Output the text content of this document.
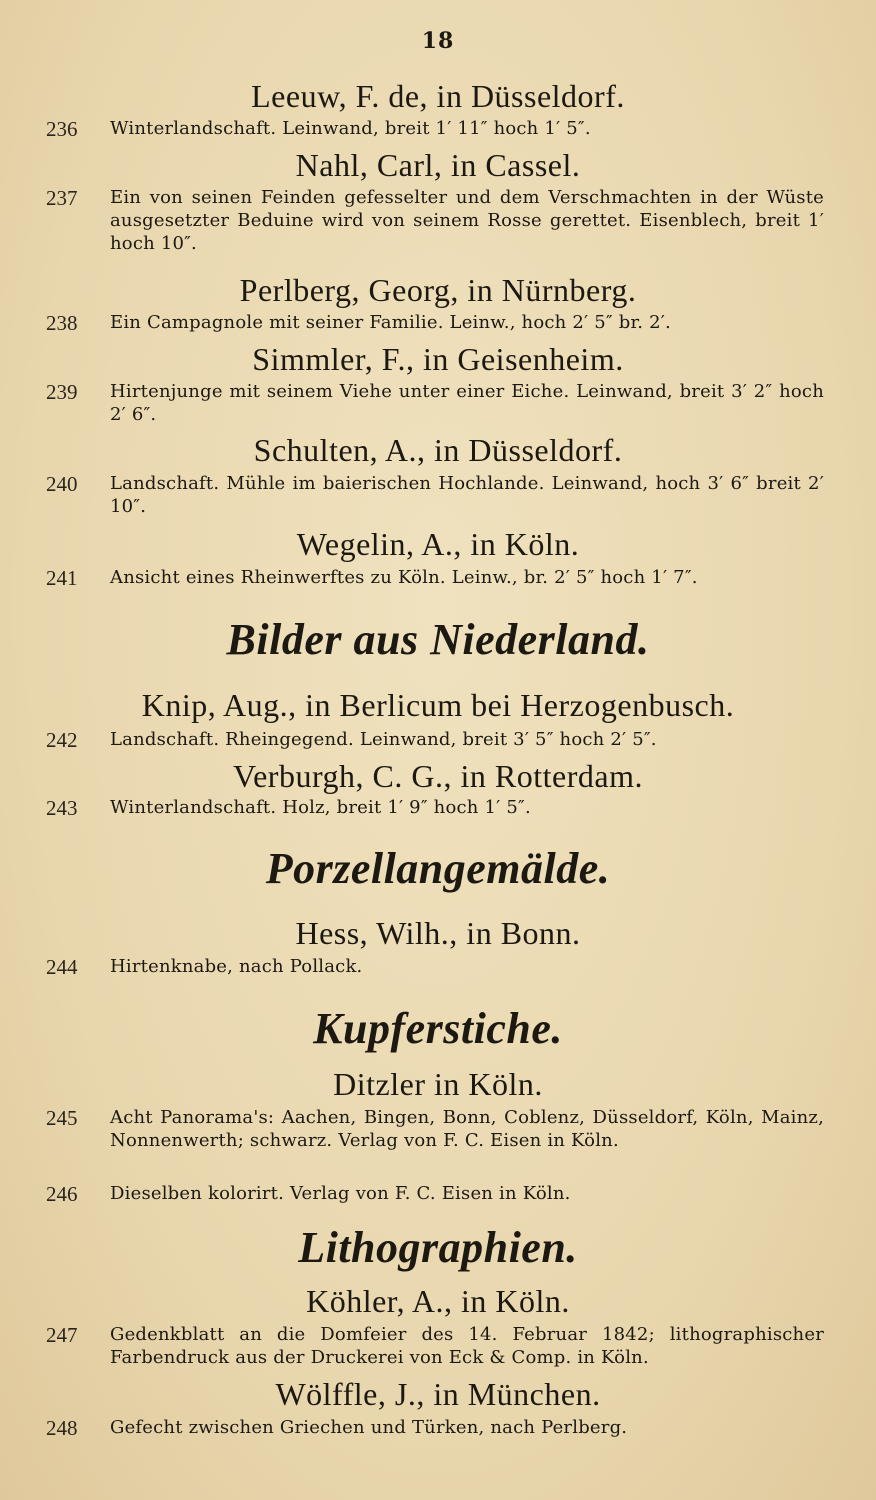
18
Leeuw, F. de, in Düsseldorf.
236 Winterlandschaft. Leinwand, breit 1′ 11″ hoch 1′ 5″.
Nahl, Carl, in Cassel.
237 Ein von seinen Feinden gefesselter und dem Verschmachten in der Wüste ausgesetzter Beduine wird von seinem Rosse gerettet. Eisenblech, breit 1′ hoch 10″.
Perlberg, Georg, in Nürnberg.
238 Ein Campagnole mit seiner Familie. Leinw., hoch 2′ 5″ br. 2′.
Simmler, F., in Geisenheim.
239 Hirtenjunge mit seinem Viehe unter einer Eiche. Leinwand, breit 3′ 2″ hoch 2′ 6″.
Schulten, A., in Düsseldorf.
240 Landschaft. Mühle im baierischen Hochlande. Leinwand, hoch 3′ 6″ breit 2′ 10″.
Wegelin, A., in Köln.
241 Ansicht eines Rheinwerftes zu Köln. Leinw., br. 2′ 5″ hoch 1′ 7″.
Bilder aus Niederland.
Knip, Aug., in Berlicum bei Herzogenbusch.
242 Landschaft. Rheingegend. Leinwand, breit 3′ 5″ hoch 2′ 5″.
Verburgh, C. G., in Rotterdam.
243 Winterlandschaft. Holz, breit 1′ 9″ hoch 1′ 5″.
Porzellangemälde.
Hess, Wilh., in Bonn.
244 Hirtenknabe, nach Pollack.
Kupferstiche.
Ditzler in Köln.
245 Acht Panorama's: Aachen, Bingen, Bonn, Coblenz, Düsseldorf, Köln, Mainz, Nonnenwerth; schwarz. Verlag von F. C. Eisen in Köln.
246 Dieselben kolorirt. Verlag von F. C. Eisen in Köln.
Lithographien.
Köhler, A., in Köln.
247 Gedenkblatt an die Domfeier des 14. Februar 1842; lithographischer Farbendruck aus der Druckerei von Eck & Comp. in Köln.
Wölffle, J., in München.
248 Gefecht zwischen Griechen und Türken, nach Perlberg.
